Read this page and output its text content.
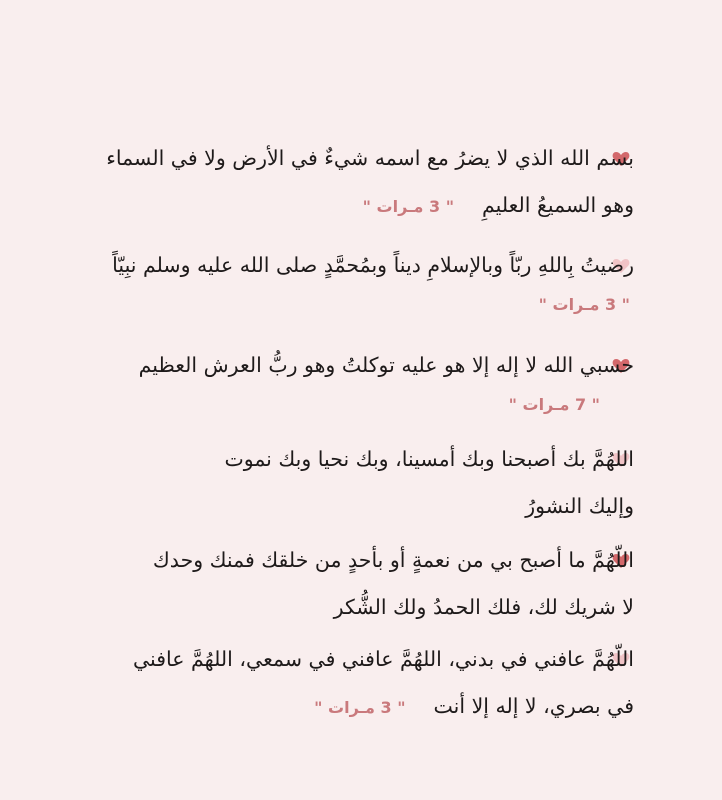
بسم الله الذي لا يضرُ مع اسمه شيءٌ في الأرض ولا في السماء
وهو السميعُ العليمِ" 3 مـرات "
رضيتُ بِاللهِ ربّاً وبالإسلامِ ديناً وبمُحمَّدٍ صلى الله عليه وسلم نبِيّاً
" 3 مـرات "
حسبي الله لا إله إلا هو عليه توكلتُ وهو ربُّ العرش العظيم
" 7 مـرات "
اللهُمَّ بك أصبحنا وبك أمسينا، وبك نحيا وبك نموت
وإليك النشورُ
اللّهُمَّ ما أصبح بي من نعمةٍ أو بأحدٍ من خلقك فمنك وحدك
لا شريك لك، فلك الحمدُ ولك الشُّكر
اللّهُمَّ عافني في بدني، اللهُمَّ عافني في سمعي، اللهُمَّ عافني
في بصري، لا إله إلا أنت" 3 مـرات "
